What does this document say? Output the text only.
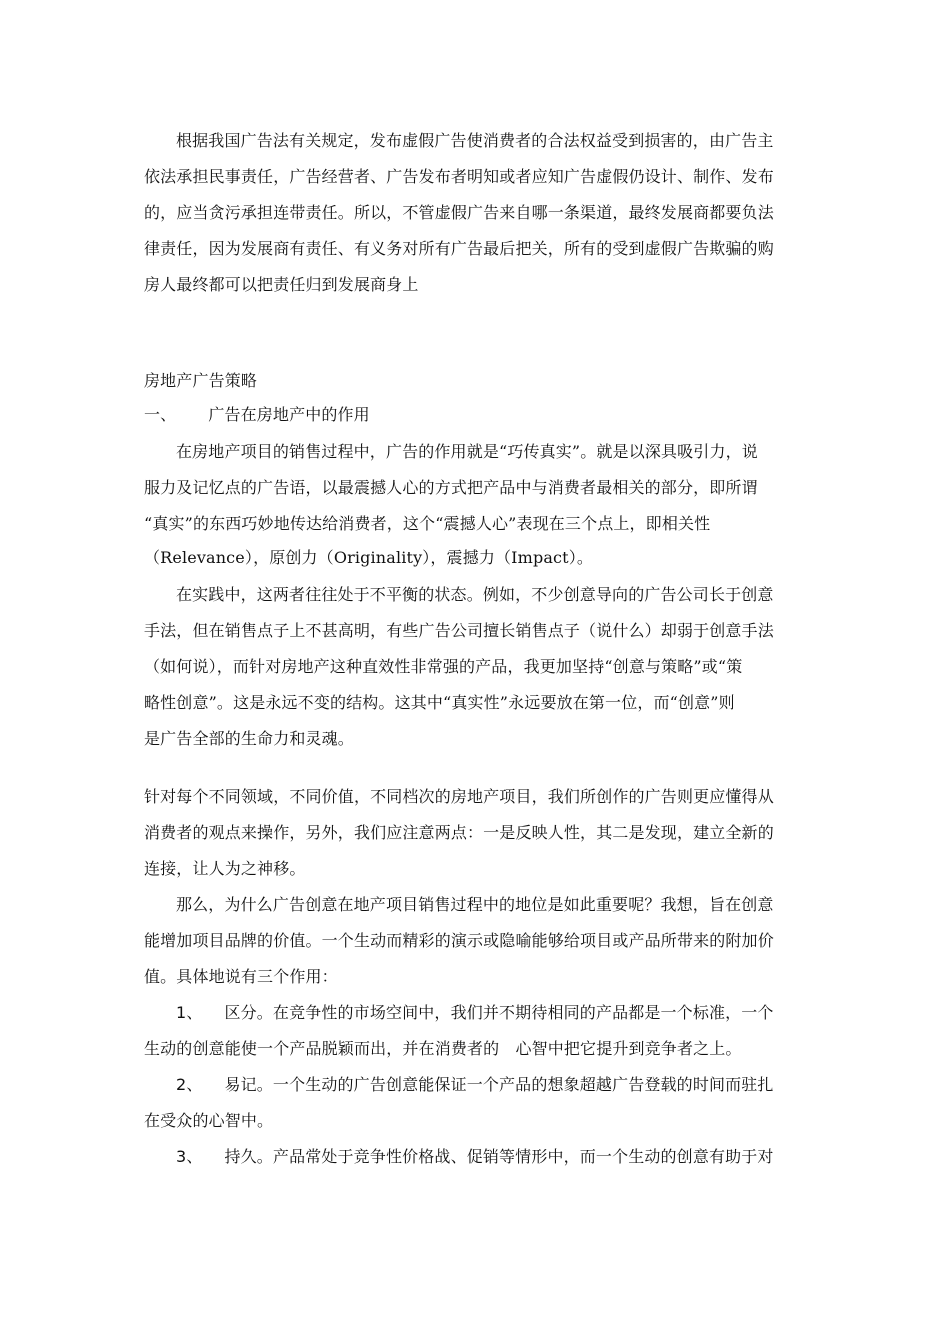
根据我国广告法有关规定，发布虚假广告使消费者的合法权益受到损害的，由广告主
依法承担民事责任，广告经营者、广告发布者明知或者应知广告虚假仍设计、制作、发布
的，应当贪污承担连带责任。所以，不管虚假广告来自哪一条渠道，最终发展商都要负法
律责任，因为发展商有责任、有义务对所有广告最后把关，所有的受到虚假广告欺骗的购
房人最终都可以把责任归到发展商身上
房地产广告策略
一、 广告在房地产中的作用
在房地产项目的销售过程中，广告的作用就是“巧传真实”。就是以深具吸引力，说
服力及记忆点的广告语，以最震撼人心的方式把产品中与消费者最相关的部分，即所谓
“真实”的东西巧妙地传达给消费者，这个“震撼人心”表现在三个点上，即相关性
（Relevance），原创力（Originality），震撼力（Impact）。
在实践中，这两者往往处于不平衡的状态。例如，不少创意导向的广告公司长于创意
手法，但在销售点子上不甚高明，有些广告公司擅长销售点子（说什么）却弱于创意手法
（如何说），而针对房地产这种直效性非常强的产品，我更加坚持“创意与策略”或“策
略性创意”。这是永远不变的结构。这其中“真实性”永远要放在第一位，而“创意”则
是广告全部的生命力和灵魂。
针对每个不同领域，不同价值，不同档次的房地产项目，我们所创作的广告则更应懂得从
消费者的观点来操作，另外，我们应注意两点：一是反映人性，其二是发现，建立全新的
连接，让人为之神移。
那么，为什么广告创意在地产项目销售过程中的地位是如此重要呢？我想，旨在创意
能增加项目品牌的价值。一个生动而精彩的演示或隐喻能够给项目或产品所带来的附加价
值。具体地说有三个作用：
1、 区分。在竞争性的市场空间中，我们并不期待相同的产品都是一个标准，一个
生动的创意能使一个产品脱颖而出，并在消费者的　心智中把它提升到竞争者之上。
2、 易记。一个生动的广告创意能保证一个产品的想象超越广告登载的时间而驻扎
在受众的心智中。
3、 持久。产品常处于竞争性价格战、促销等情形中，而一个生动的创意有助于对
